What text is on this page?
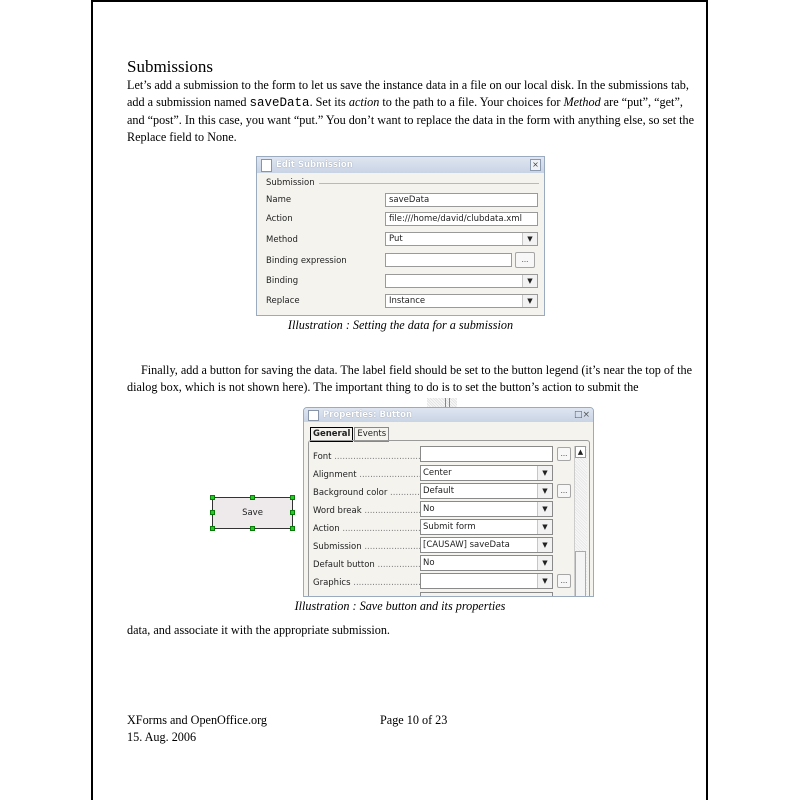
Submissions
Let’s add a submission to the form to let us save the instance data in a file on our local disk. In the submissions tab, add a submission named saveData. Set its action to the path to a file. Your choices for Method are “put”, “get”, and “post”. In this case, you want “put.” You don’t want to replace the data in the form with anything else, so set the Replace field to None.
Edit Submission	×
Submission
Name	saveData
Action	file:///home/david/clubdata.xml
Method	Put	▼
Binding expression	...
Binding	▼
Replace	Instance	▼
Illustration : Setting the data for a submission
Finally, add a button for saving the data. The label field should be set to the button legend (it’s near the top of the dialog box, which is not shown here). The important thing to do is to set the button’s action to submit the
Save
Properties: Button	□×
General Events
Font .....	...
Alignment .....	Center	▼
Background color .....	Default	▼	...
Word break .....	No	▼
Action .....	Submit form	▼
Submission .....	[CAUSAW] saveData	▼
Default button .....	No	▼
Graphics .....	▼	...
▲
Illustration : Save button and its properties
data, and associate it with the appropriate submission.
XForms and OpenOffice.org	Page 10 of 23
15. Aug. 2006
